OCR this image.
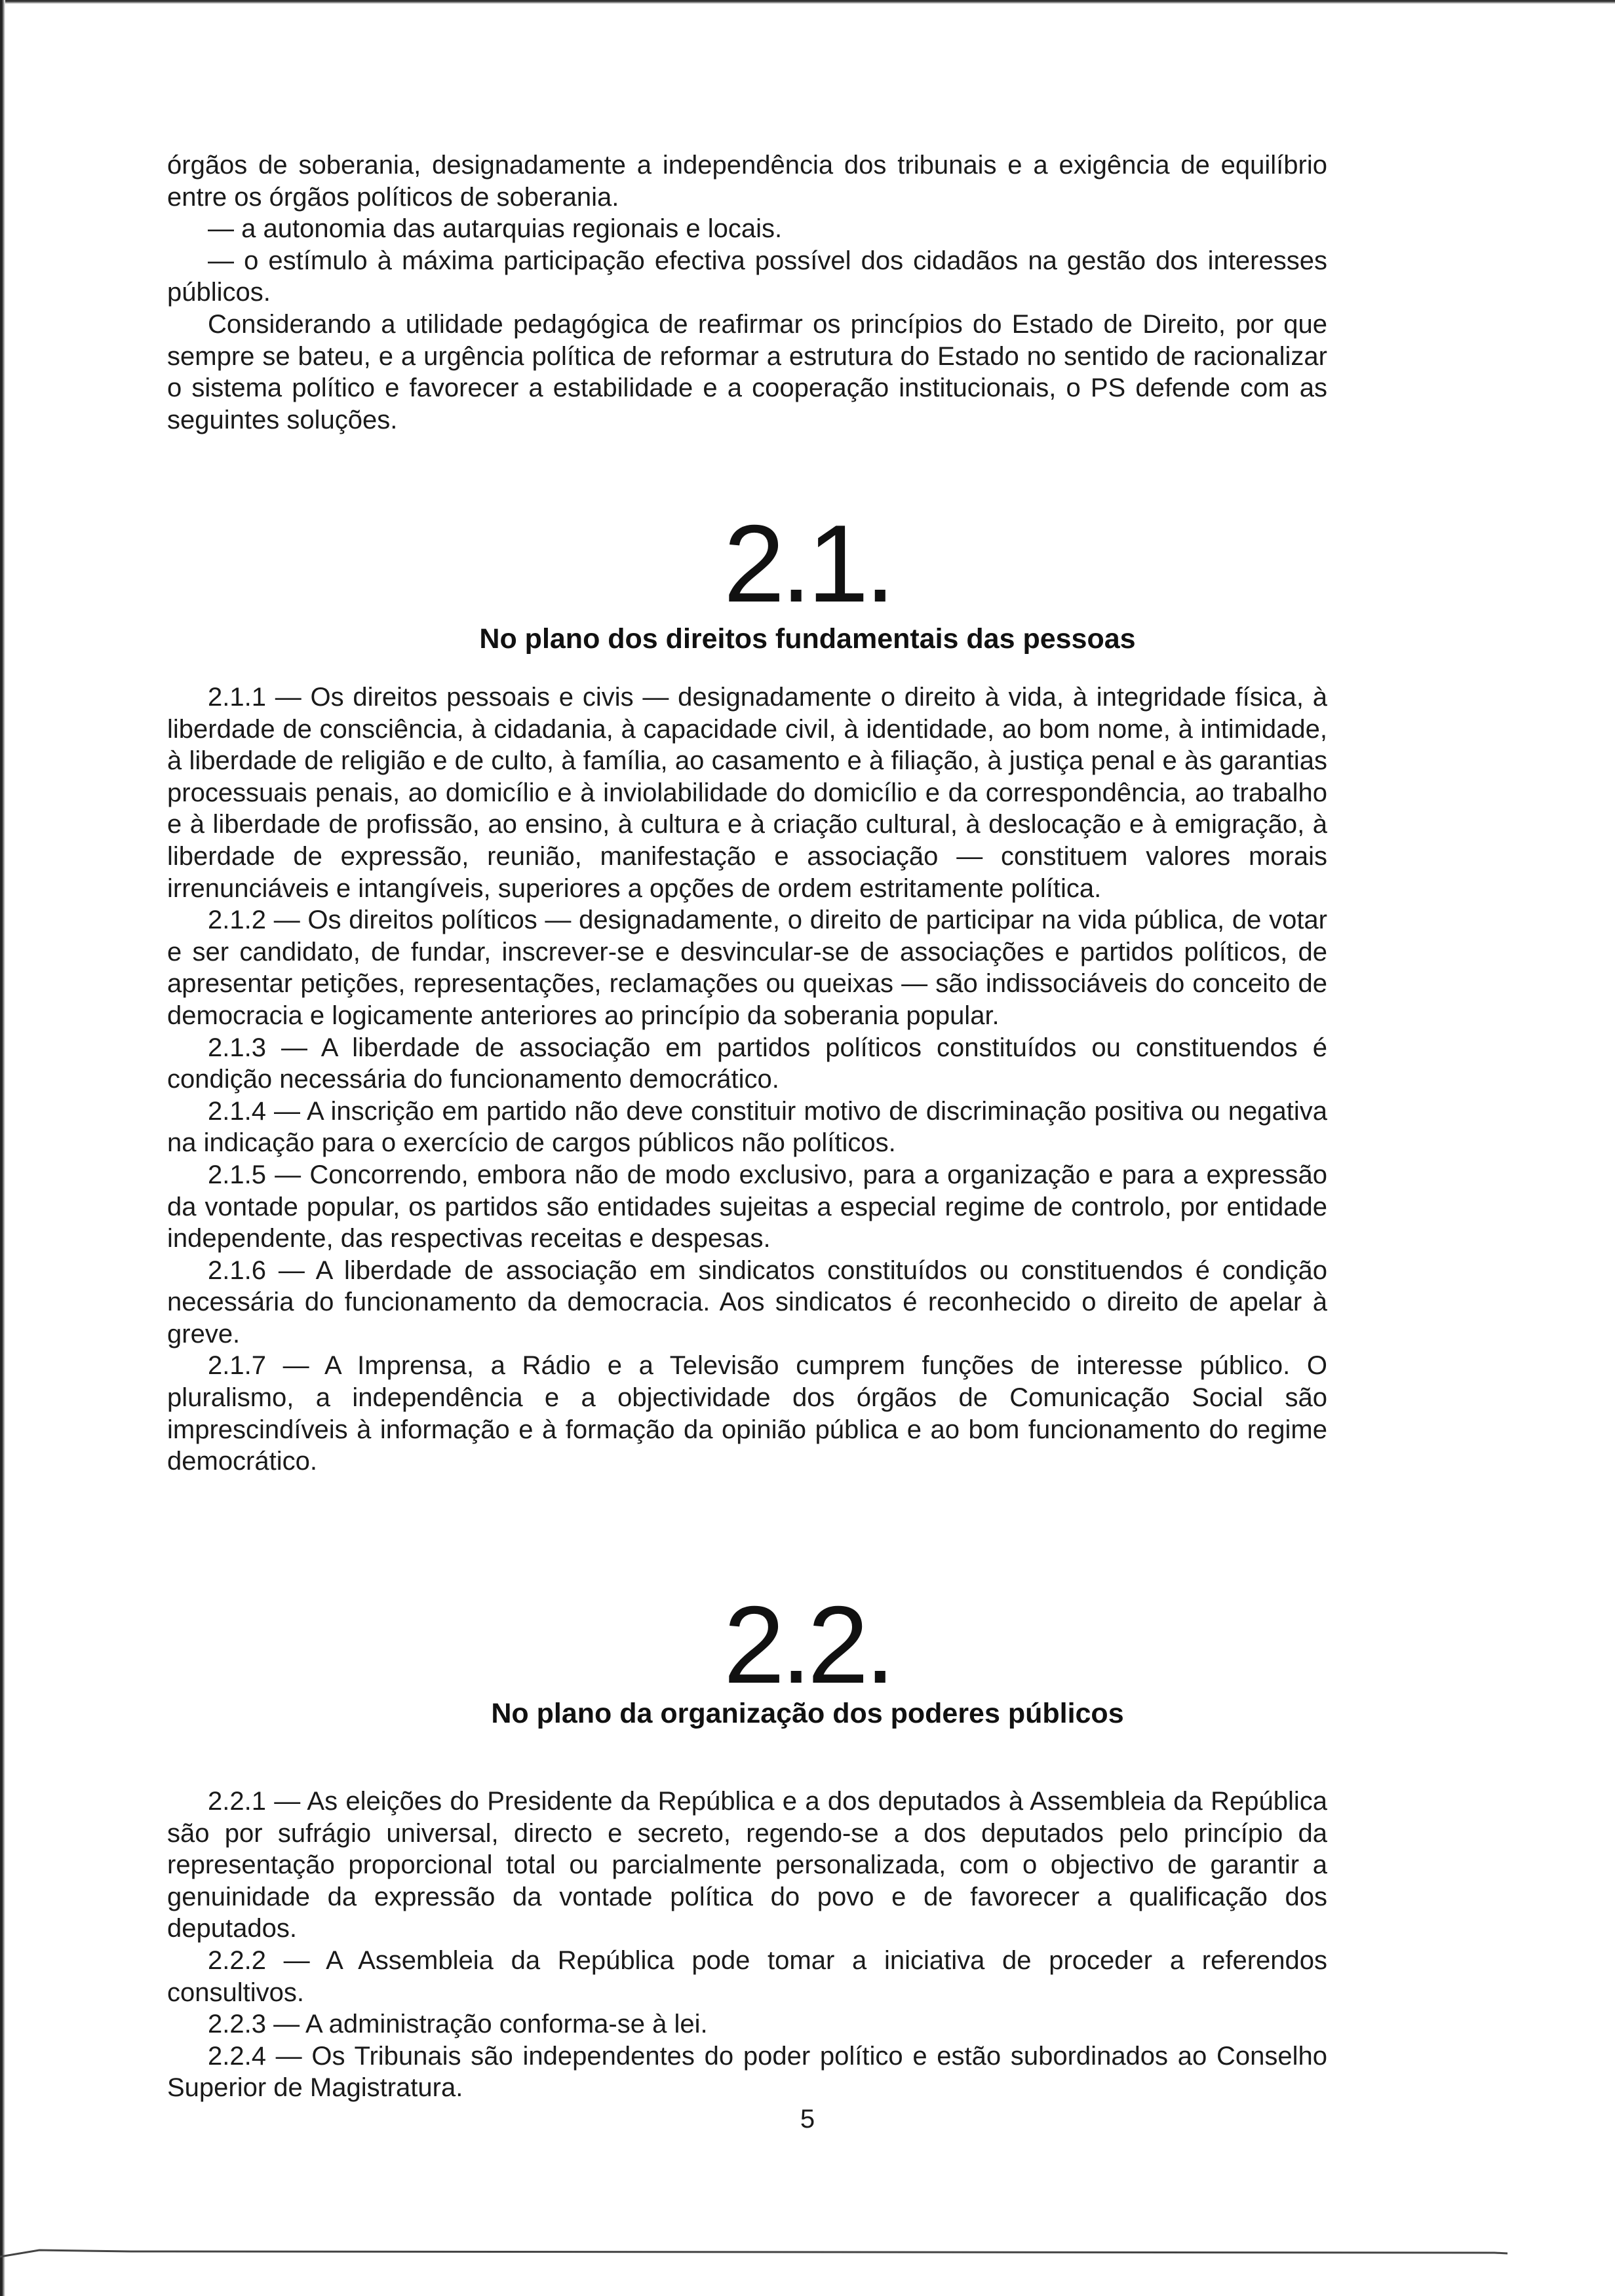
órgãos de soberania, designadamente a independência dos tribunais e a exigência de equilíbrio entre os órgãos políticos de soberania.

— a autonomia das autarquias regionais e locais.

— o estímulo à máxima participação efectiva possível dos cidadãos na gestão dos interesses públicos.

Considerando a utilidade pedagógica de reafirmar os princípios do Estado de Direito, por que sempre se bateu, e a urgência política de reformar a estrutura do Estado no sentido de racionalizar o sistema político e favorecer a estabilidade e a cooperação institucionais, o PS defende com as seguintes soluções.

2.1.
No plano dos direitos fundamentais das pessoas

2.1.1 — Os direitos pessoais e civis — designadamente o direito à vida, à integridade física, à liberdade de consciência, à cidadania, à capacidade civil, à identidade, ao bom nome, à intimidade, à liberdade de religião e de culto, à família, ao casamento e à filiação, à justiça penal e às garantias processuais penais, ao domicílio e à inviolabilidade do domicílio e da correspondência, ao trabalho e à liberdade de profissão, ao ensino, à cultura e à criação cultural, à deslocação e à emigração, à liberdade de expressão, reunião, manifestação e associação — constituem valores morais irrenunciáveis e intangíveis, superiores a opções de ordem estritamente política.

2.1.2 — Os direitos políticos — designadamente, o direito de participar na vida pública, de votar e ser candidato, de fundar, inscrever-se e desvincular-se de associações e partidos políticos, de apresentar petições, representações, reclamações ou queixas — são indissociáveis do conceito de democracia e logicamente anteriores ao princípio da soberania popular.

2.1.3 — A liberdade de associação em partidos políticos constituídos ou constituendos é condição necessária do funcionamento democrático.

2.1.4 — A inscrição em partido não deve constituir motivo de discriminação positiva ou negativa na indicação para o exercício de cargos públicos não políticos.

2.1.5 — Concorrendo, embora não de modo exclusivo, para a organização e para a expressão da vontade popular, os partidos são entidades sujeitas a especial regime de controlo, por entidade independente, das respectivas receitas e despesas.

2.1.6 — A liberdade de associação em sindicatos constituídos ou constituendos é condição necessária do funcionamento da democracia. Aos sindicatos é reconhecido o direito de apelar à greve.

2.1.7 — A Imprensa, a Rádio e a Televisão cumprem funções de interesse público. O pluralismo, a independência e a objectividade dos órgãos de Comunicação Social são imprescindíveis à informação e à formação da opinião pública e ao bom funcionamento do regime democrático.

2.2.
No plano da organização dos poderes públicos

2.2.1 — As eleições do Presidente da República e a dos deputados à Assembleia da República são por sufrágio universal, directo e secreto, regendo-se a dos deputados pelo princípio da representação proporcional total ou parcialmente personalizada, com o objectivo de garantir a genuinidade da expressão da vontade política do povo e de favorecer a qualificação dos deputados.

2.2.2 — A Assembleia da República pode tomar a iniciativa de proceder a referendos consultivos.

2.2.3 — A administração conforma-se à lei.

2.2.4 — Os Tribunais são independentes do poder político e estão subordinados ao Conselho Superior de Magistratura.

5
